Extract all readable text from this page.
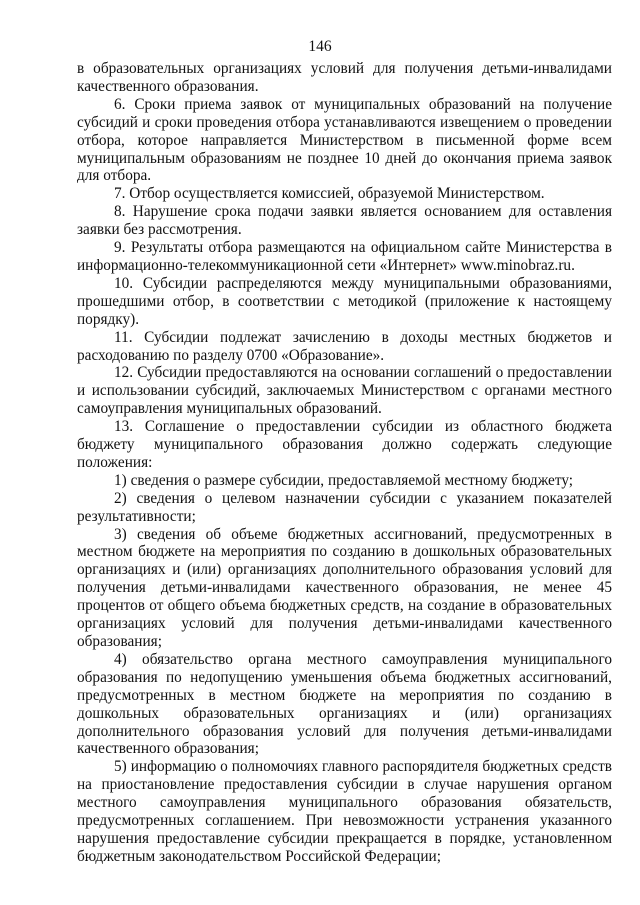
146

в образовательных организациях условий для получения детьми-инвалидами качественного образования.

6. Сроки приема заявок от муниципальных образований на получение субсидий и сроки проведения отбора устанавливаются извещением о проведении отбора, которое направляется Министерством в письменной форме всем муниципальным образованиям не позднее 10 дней до окончания приема заявок для отбора.

7. Отбор осуществляется комиссией, образуемой Министерством.

8. Нарушение срока подачи заявки является основанием для оставления заявки без рассмотрения.

9. Результаты отбора размещаются на официальном сайте Министерства в информационно-телекоммуникационной сети «Интернет» www.minobraz.ru.

10. Субсидии распределяются между муниципальными образованиями, прошедшими отбор, в соответствии с методикой (приложение к настоящему порядку).

11. Субсидии подлежат зачислению в доходы местных бюджетов и расходованию по разделу 0700 «Образование».

12. Субсидии предоставляются на основании соглашений о предоставлении и использовании субсидий, заключаемых Министерством с органами местного самоуправления муниципальных образований.

13. Соглашение о предоставлении субсидии из областного бюджета бюджету муниципального образования должно содержать следующие положения:

1) сведения о размере субсидии, предоставляемой местному бюджету;

2) сведения о целевом назначении субсидии с указанием показателей результативности;

3) сведения об объеме бюджетных ассигнований, предусмотренных в местном бюджете на мероприятия по созданию в дошкольных образовательных организациях и (или) организациях дополнительного образования условий для получения детьми-инвалидами качественного образования, не менее 45 процентов от общего объема бюджетных средств, на создание в образовательных организациях условий для получения детьми-инвалидами качественного образования;

4) обязательство органа местного самоуправления муниципального образования по недопущению уменьшения объема бюджетных ассигнований, предусмотренных в местном бюджете на мероприятия по созданию в дошкольных образовательных организациях и (или) организациях дополнительного образования условий для получения детьми-инвалидами качественного образования;

5) информацию о полномочиях главного распорядителя бюджетных средств на приостановление предоставления субсидии в случае нарушения органом местного самоуправления муниципального образования обязательств, предусмотренных соглашением. При невозможности устранения указанного нарушения предоставление субсидии прекращается в порядке, установленном бюджетным законодательством Российской Федерации;
